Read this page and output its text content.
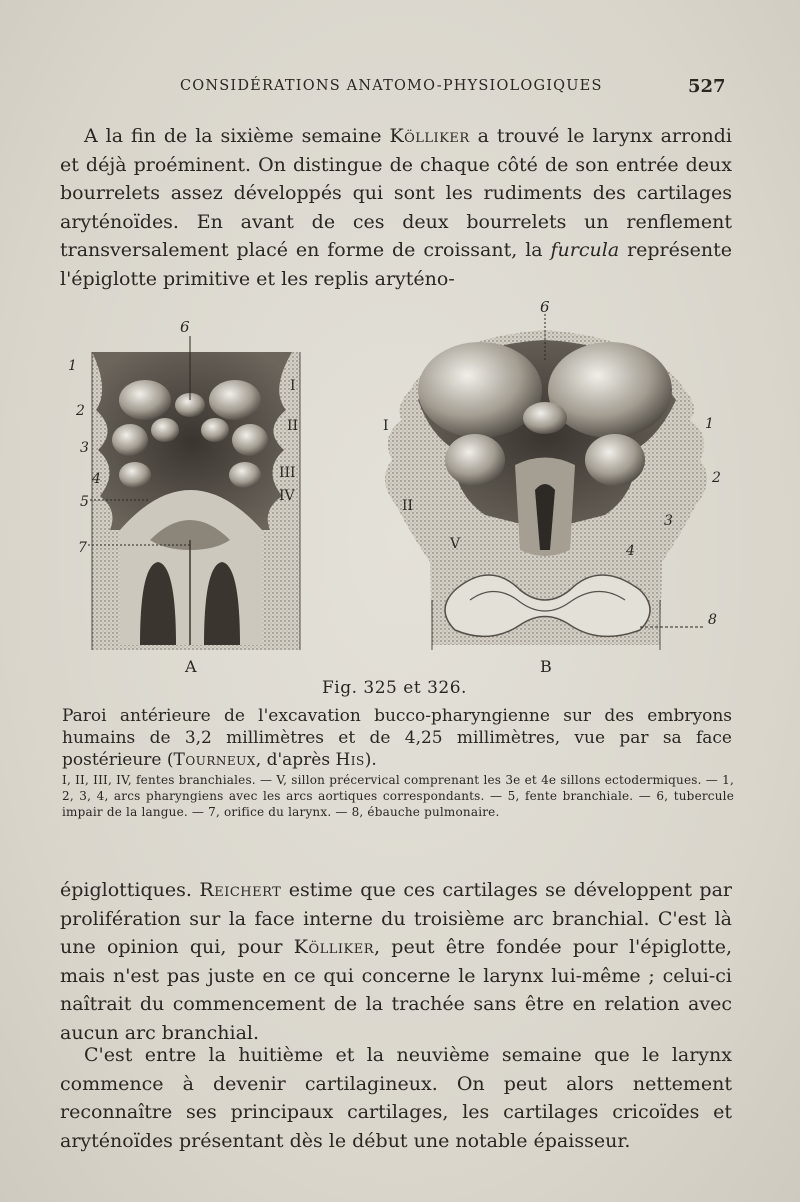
CONSIDÉRATIONS ANATOMO-PHYSIOLOGIQUES	527

A la fin de la sixième semaine Kölliker a trouvé le larynx arrondi et déjà proéminent. On distingue de chaque côté de son entrée deux bourrelets assez développés qui sont les rudiments des cartilages aryténoïdes. En avant de ces deux bourrelets un renflement transversalement placé en forme de croissant, la furcula représente l'épiglotte primitive et les replis aryténo-

6
1
2
3
4
5
7
I
II
III
IV
A
6
1
2
3
4
8
I
II
V
B
Fig. 325 et 326.

Paroi antérieure de l'excavation bucco-pharyngienne sur des embryons humains de 3,2 millimètres et de 4,25 millimètres, vue par sa face postérieure (Tourneux, d'après His).

I, II, III, IV, fentes branchiales. — V, sillon précervical comprenant les 3e et 4e sillons ectodermiques. — 1, 2, 3, 4, arcs pharyngiens avec les arcs aortiques correspondants. — 5, fente branchiale. — 6, tubercule impair de la langue. — 7, orifice du larynx. — 8, ébauche pulmonaire.

épiglottiques. Reichert estime que ces cartilages se développent par prolifération sur la face interne du troisième arc branchial. C'est là une opinion qui, pour Kölliker, peut être fondée pour l'épiglotte, mais n'est pas juste en ce qui concerne le larynx lui-même ; celui-ci naîtrait du commencement de la trachée sans être en relation avec aucun arc branchial.

C'est entre la huitième et la neuvième semaine que le larynx commence à devenir cartilagineux. On peut alors nettement reconnaître ses principaux cartilages, les cartilages cricoïdes et aryténoïdes présentant dès le début une notable épaisseur.
